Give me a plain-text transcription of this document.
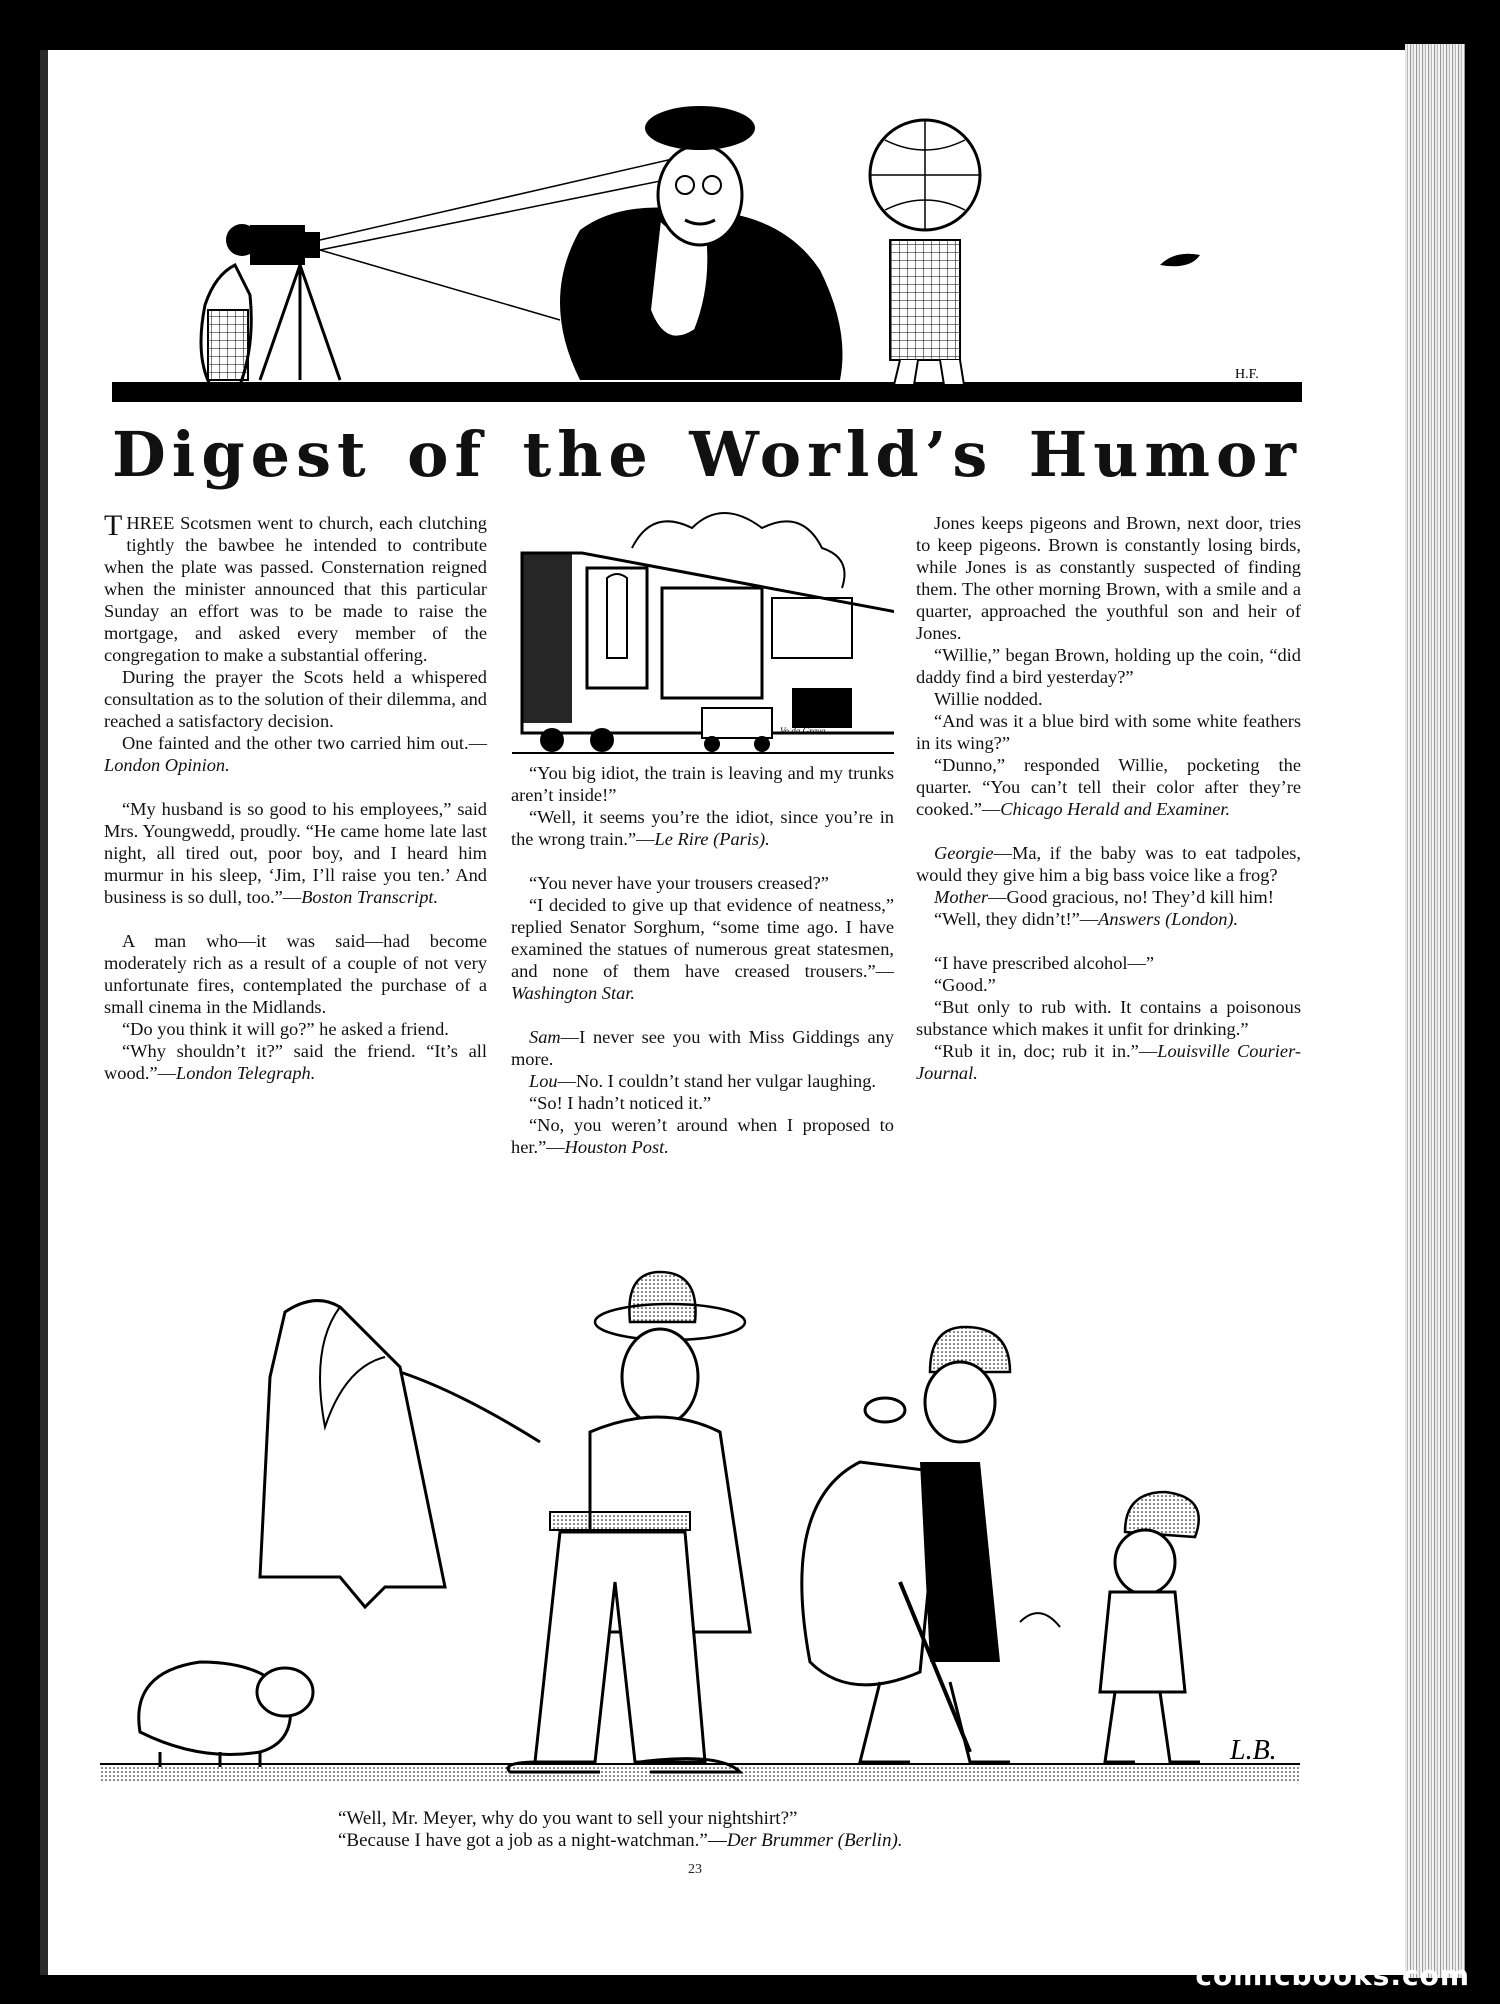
H.F.
Digest of the World’s Humor

THREE Scotsmen went to church, each clutching tightly the bawbee he intended to contribute when the plate was passed. Consternation reigned when the minister announced that this particular Sunday an effort was to be made to raise the mortgage, and asked every member of the congregation to make a substantial offering.

During the prayer the Scots held a whispered consultation as to the solution of their dilemma, and reached a satisfactory decision.

One fainted and the other two carried him out.—London Opinion.

“My husband is so good to his employees,” said Mrs. Youngwedd, proudly. “He came home late last night, all tired out, poor boy, and I heard him murmur in his sleep, ‘Jim, I’ll raise you ten.’ And business is so dull, too.”—Boston Transcript.

A man who—it was said—had become moderately rich as a result of a couple of not very unfortunate fires, contemplated the purchase of a small cinema in the Midlands.

“Do you think it will go?” he asked a friend.

“Why shouldn’t it?” said the friend. “It’s all wood.”—London Telegraph.

Vo da Grava

“You big idiot, the train is leaving and my trunks aren’t inside!”

“Well, it seems you’re the idiot, since you’re in the wrong train.”—Le Rire (Paris).

“You never have your trousers creased?”

“I decided to give up that evidence of neatness,” replied Senator Sorghum, “some time ago. I have examined the statues of numerous great statesmen, and none of them have creased trousers.”—Washington Star.

Sam—I never see you with Miss Giddings any more.

Lou—No. I couldn’t stand her vulgar laughing.

“So! I hadn’t noticed it.”

“No, you weren’t around when I proposed to her.”—Houston Post.

Jones keeps pigeons and Brown, next door, tries to keep pigeons. Brown is constantly losing birds, while Jones is as constantly suspected of finding them. The other morning Brown, with a smile and a quarter, approached the youthful son and heir of Jones.

“Willie,” began Brown, holding up the coin, “did daddy find a bird yesterday?”

Willie nodded.

“And was it a blue bird with some white feathers in its wing?”

“Dunno,” responded Willie, pocketing the quarter. “You can’t tell their color after they’re cooked.”—Chicago Herald and Examiner.

Georgie—Ma, if the baby was to eat tadpoles, would they give him a big bass voice like a frog?

Mother—Good gracious, no! They’d kill him!

“Well, they didn’t!”—Answers (London).

“I have prescribed alcohol—”

“Good.”

“But only to rub with. It contains a poisonous substance which makes it unfit for drinking.”

“Rub it in, doc; rub it in.”—Louisville Courier-Journal.

L.B.
“Well, Mr. Meyer, why do you want to sell your nightshirt?”
“Because I have got a job as a night-watchman.”—Der Brummer (Berlin).
23
comicbooks.com
